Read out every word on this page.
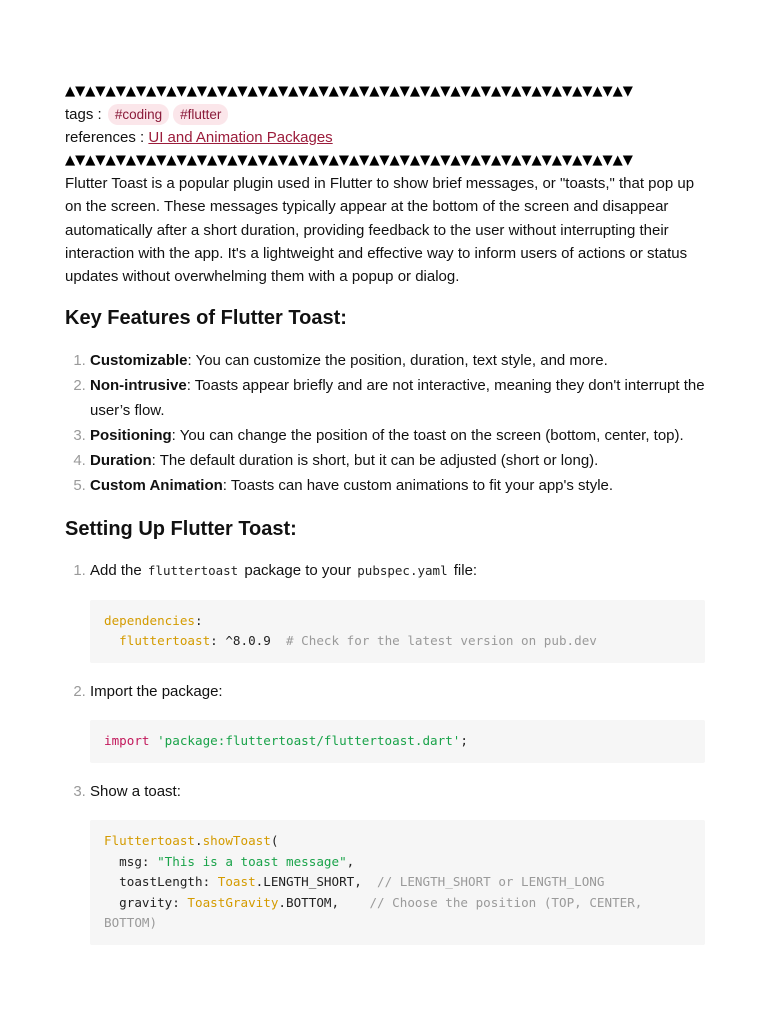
▲▼▲▼▲▼▲▼▲▼▲▼▲▼▲▼▲▼▲▼▲▼▲▼▲▼▲▼▲▼▲▼▲▼▲▼▲▼▲▼▲▼▲▼▲▼▲▼▲▼▲▼▲▼▲▼

tags : #coding #flutter
references : UI and Animation Packages

▲▼▲▼▲▼▲▼▲▼▲▼▲▼▲▼▲▼▲▼▲▼▲▼▲▼▲▼▲▼▲▼▲▼▲▼▲▼▲▼▲▼▲▼▲▼▲▼▲▼▲▼▲▼▲▼

Flutter Toast is a popular plugin used in Flutter to show brief messages, or "toasts," that pop up on the screen. These messages typically appear at the bottom of the screen and disappear automatically after a short duration, providing feedback to the user without interrupting their interaction with the app. It's a lightweight and effective way to inform users of actions or status updates without overwhelming them with a popup or dialog.

Key Features of Flutter Toast:
1. Customizable: You can customize the position, duration, text style, and more.
2. Non-intrusive: Toasts appear briefly and are not interactive, meaning they don't interrupt the user’s flow.
3. Positioning: You can change the position of the toast on the screen (bottom, center, top).
4. Duration: The default duration is short, but it can be adjusted (short or long).
5. Custom Animation: Toasts can have custom animations to fit your app's style.
Setting Up Flutter Toast:
1. Add the fluttertoast package to your pubspec.yaml file:
dependencies:
fluttertoast: ^8.0.9 # Check for the latest version on pub.dev
2. Import the package:
import 'package:fluttertoast/fluttertoast.dart';
3. Show a toast:
Fluttertoast.showToast(
msg: "This is a toast message",
toastLength: Toast.LENGTH_SHORT, // LENGTH_SHORT or LENGTH_LONG
gravity: ToastGravity.BOTTOM, // Choose the position (TOP, CENTER, BOTTOM)
